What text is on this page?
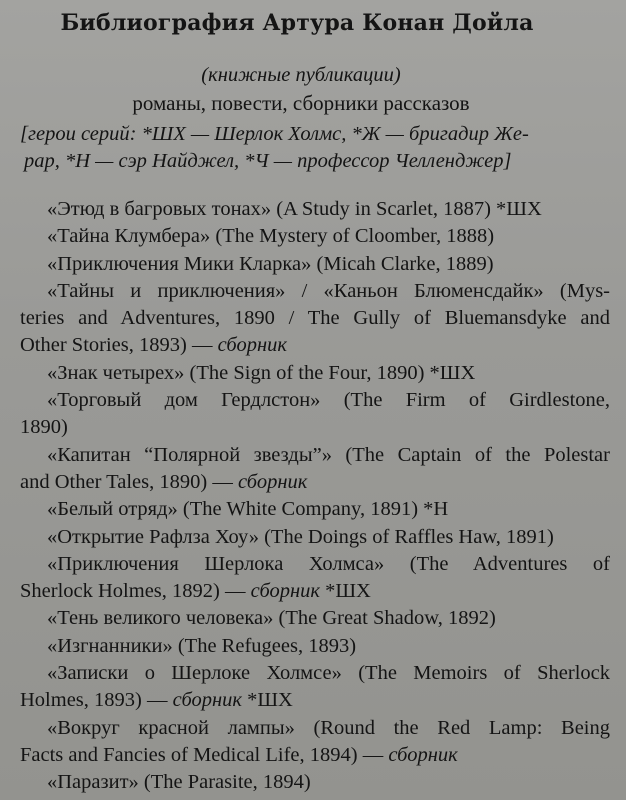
Библиография Артура Конан Дойла
(книжные публикации)
романы, повести, сборники рассказов
[герои серий: *ШХ — Шерлок Холмс, *Ж — бригадир Же-
рар, *Н — сэр Найджел, *Ч — профессор Челленджер]
«Этюд в багровых тонах» (A Study in Scarlet, 1887) *ШХ
«Тайна Клумбера» (The Mystery of Cloomber, 1888)
«Приключения Мики Кларка» (Micah Clarke, 1889)
«Тайны и приключения» / «Каньон Блюменсдайк» (Mys-
teries and Adventures, 1890 / The Gully of Bluemansdyke and
Other Stories, 1893) — сборник
«Знак четырех» (The Sign of the Four, 1890) *ШХ
«Торговый дом Гердлстон» (The Firm of Girdlestone,
1890)
«Капитан “Полярной звезды”» (The Captain of the Polestar
and Other Tales, 1890) — сборник
«Белый отряд» (The White Company, 1891) *Н
«Открытие Рафлза Хоу» (The Doings of Raffles Haw, 1891)
«Приключения Шерлока Холмса» (The Adventures of
Sherlock Holmes, 1892) — сборник *ШХ
«Тень великого человека» (The Great Shadow, 1892)
«Изгнанники» (The Refugees, 1893)
«Записки о Шерлоке Холмсе» (The Memoirs of Sherlock
Holmes, 1893) — сборник *ШХ
«Вокруг красной лампы» (Round the Red Lamp: Being
Facts and Fancies of Medical Life, 1894) — сборник
«Паразит» (The Parasite, 1894)
